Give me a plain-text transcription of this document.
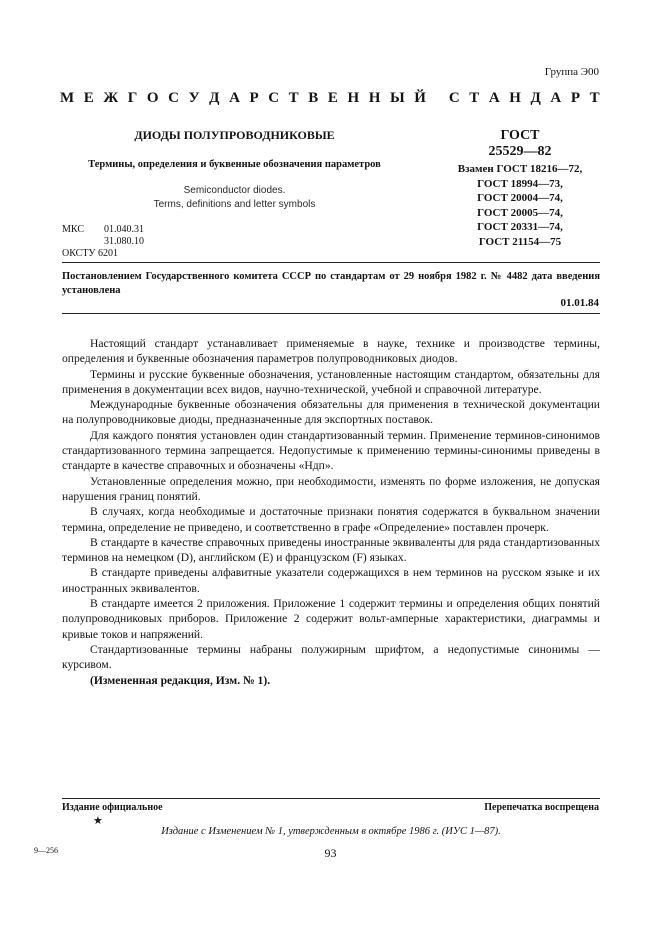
Группа Э00
М Е Ж Г О С У Д А Р С Т В Е Н Н Ы Й
С Т А Н Д А Р Т
ДИОДЫ ПОЛУПРОВОДНИКОВЫЕ
Термины, определения и буквенные обозначения параметров
Semiconductor diodes.
Terms, definitions and letter symbols
МКС	01.040.31
31.080.10
ОКСТУ 6201
ГОСТ
25529—82
Взамен ГОСТ 18216—72,
ГОСТ 18994—73,
ГОСТ 20004—74,
ГОСТ 20005—74,
ГОСТ 20331—74,
ГОСТ 21154—75
Постановлением Государственного комитета СССР по стандартам от 29 ноября 1982 г. № 4482 дата введения установлена
01.01.84

Настоящий стандарт устанавливает применяемые в науке, технике и производстве термины, определения и буквенные обозначения параметров полупроводниковых диодов.

Термины и русские буквенные обозначения, установленные настоящим стандартом, обязательны для применения в документации всех видов, научно-технической, учебной и справочной литературе.

Международные буквенные обозначения обязательны для применения в технической документации на полупроводниковые диоды, предназначенные для экспортных поставок.

Для каждого понятия установлен один стандартизованный термин. Применение терминов-синонимов стандартизованного термина запрещается. Недопустимые к применению термины-синонимы приведены в стандарте в качестве справочных и обозначены «Ндп».

Установленные определения можно, при необходимости, изменять по форме изложения, не допуская нарушения границ понятий.

В случаях, когда необходимые и достаточные признаки понятия содержатся в буквальном значении термина, определение не приведено, и соответственно в графе «Определение» поставлен прочерк.

В стандарте в качестве справочных приведены иностранные эквиваленты для ряда стандартизованных терминов на немецком (D), английском (E) и французском (F) языках.

В стандарте приведены алфавитные указатели содержащихся в нем терминов на русском языке и их иностранных эквивалентов.

В стандарте имеется 2 приложения. Приложение 1 содержит термины и определения общих понятий полупроводниковых приборов. Приложение 2 содержит вольт-амперные характеристики, диаграммы и кривые токов и напряжений.

Стандартизованные термины набраны полужирным шрифтом, а недопустимые синонимы — курсивом.

(Измененная редакция, Изм. № 1).

Издание официальное	Перепечатка воспрещена
★
Издание с Изменением № 1, утвержденным в октябре 1986 г. (ИУС 1—87).
9—256	93
